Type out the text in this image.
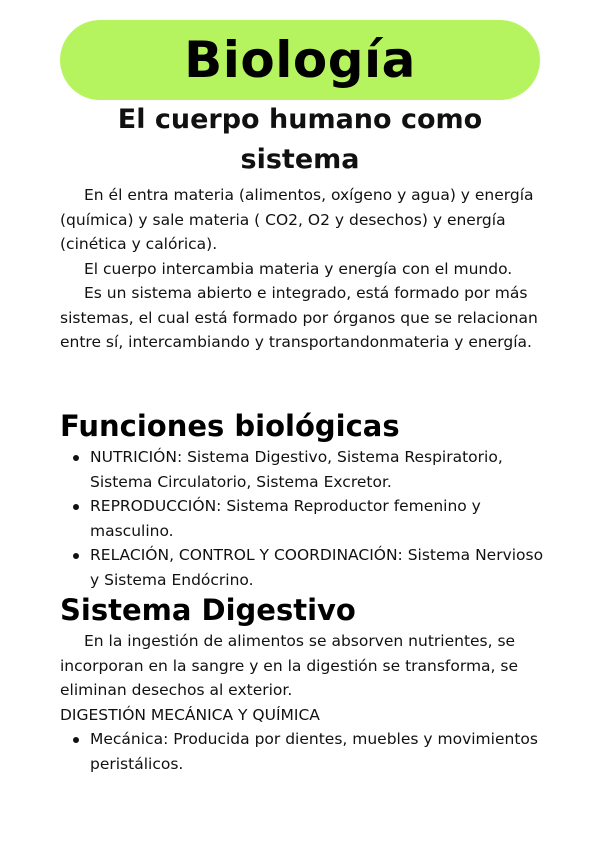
Biología
El cuerpo humano como sistema

En él entra materia (alimentos, oxígeno y agua) y energía (química) y sale materia ( CO2, O2 y desechos) y energía (cinética y calórica).

El cuerpo intercambia materia y energía con el mundo.

Es un sistema abierto e integrado, está formado por más sistemas, el cual está formado por órganos que se relacionan entre sí, intercambiando y transportandonmateria y energía.

Funciones biológicas
NUTRICIÓN: Sistema Digestivo, Sistema Respiratorio, Sistema Circulatorio, Sistema Excretor.
REPRODUCCIÓN: Sistema Reproductor femenino y masculino.
RELACIÓN, CONTROL Y COORDINACIÓN: Sistema Nervioso y Sistema Endócrino.
Sistema Digestivo

En la ingestión de alimentos se absorven nutrientes, se incorporan en la sangre y en la digestión se transforma, se eliminan desechos al exterior.

DIGESTIÓN MECÁNICA Y QUÍMICA

Mecánica: Producida por dientes, muebles y movimientos peristálicos.
